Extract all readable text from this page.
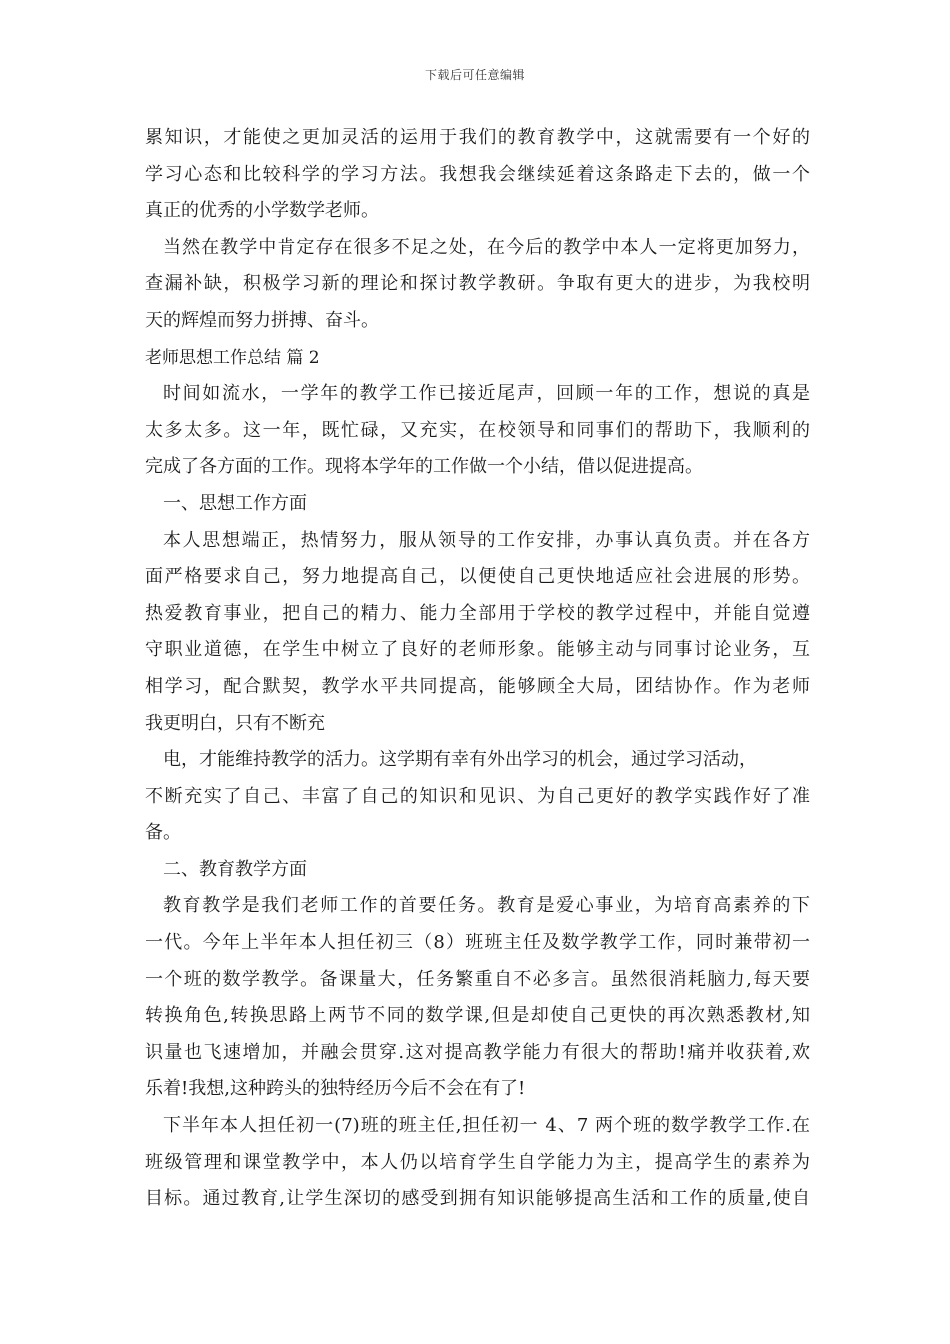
下载后可任意编辑
累知识，才能使之更加灵活的运用于我们的教育教学中，这就需要有一个好的
学习心态和比较科学的学习方法。我想我会继续延着这条路走下去的，做一个
真正的优秀的小学数学老师。
当然在教学中肯定存在很多不足之处，在今后的教学中本人一定将更加努力，
查漏补缺，积极学习新的理论和探讨教学教研。争取有更大的进步，为我校明
天的辉煌而努力拼搏、奋斗。
老师思想工作总结 篇 2
时间如流水，一学年的教学工作已接近尾声，回顾一年的工作，想说的真是
太多太多。这一年，既忙碌，又充实，在校领导和同事们的帮助下，我顺利的
完成了各方面的工作。现将本学年的工作做一个小结，借以促进提高。
一、思想工作方面
本人思想端正，热情努力，服从领导的工作安排，办事认真负责。并在各方
面严格要求自己，努力地提高自己，以便使自己更快地适应社会进展的形势。
热爱教育事业，把自己的精力、能力全部用于学校的教学过程中，并能自觉遵
守职业道德，在学生中树立了良好的老师形象。能够主动与同事讨论业务，互
相学习，配合默契，教学水平共同提高，能够顾全大局，团结协作。作为老师
我更明白，只有不断充
电，才能维持教学的活力。这学期有幸有外出学习的机会，通过学习活动，
不断充实了自己、丰富了自己的知识和见识、为自己更好的教学实践作好了准
备。
二、教育教学方面
教育教学是我们老师工作的首要任务。教育是爱心事业，为培育高素养的下
一代。今年上半年本人担任初三（8）班班主任及数学教学工作，同时兼带初一
一个班的数学教学。备课量大，任务繁重自不必多言。虽然很消耗脑力,每天要
转换角色,转换思路上两节不同的数学课,但是却使自己更快的再次熟悉教材,知
识量也飞速增加，并融会贯穿.这对提高教学能力有很大的帮助!痛并收获着,欢
乐着!我想,这种跨头的独特经历今后不会在有了!
下半年本人担任初一(7)班的班主任,担任初一 4、7 两个班的数学教学工作.在
班级管理和课堂教学中，本人仍以培育学生自学能力为主，提高学生的素养为
目标。通过教育,让学生深切的感受到拥有知识能够提高生活和工作的质量,使自
